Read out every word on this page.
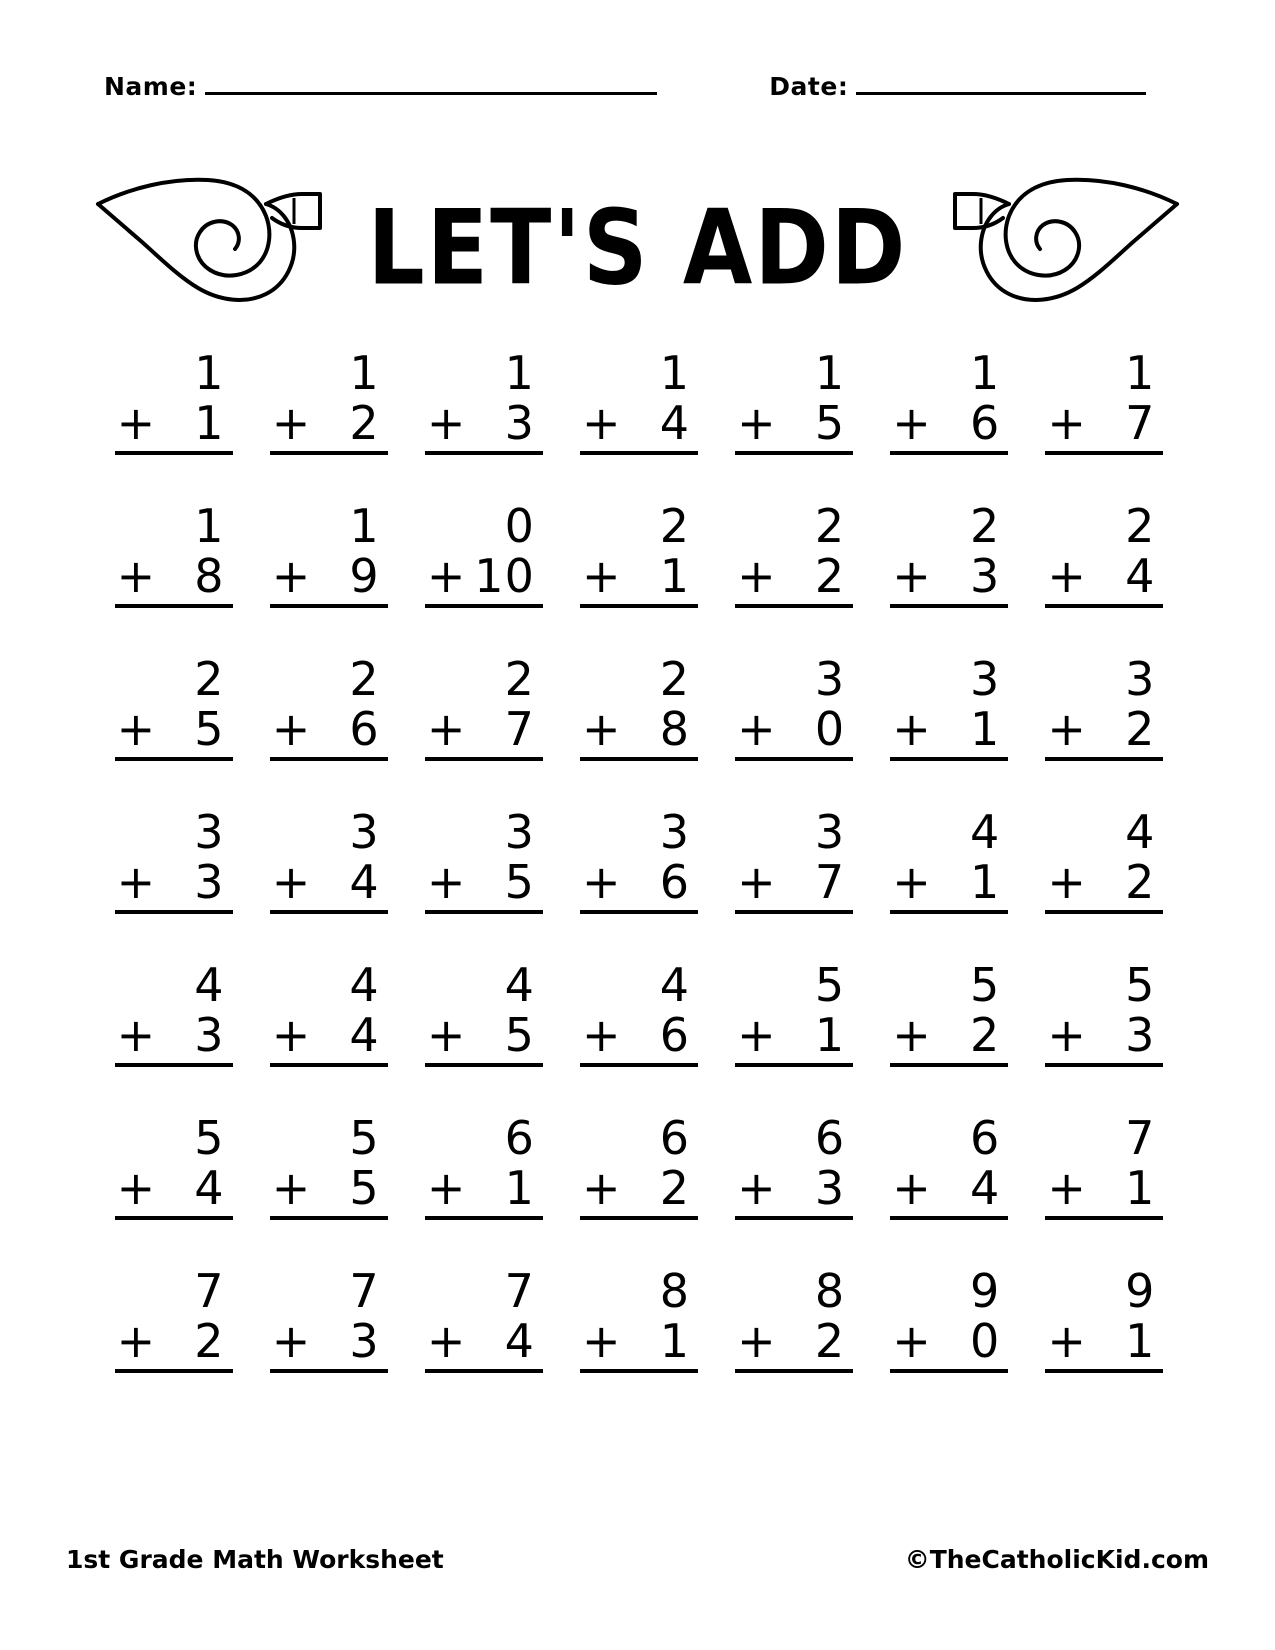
Name:	Date:
LET'S ADD
1
+ 1
1
+ 2
1
+ 3
1
+ 4
1
+ 5
1
+ 6
1
+ 7
1
+ 8
1
+ 9
0
+ 10
2
+ 1
2
+ 2
2
+ 3
2
+ 4
2
+ 5
2
+ 6
2
+ 7
2
+ 8
3
+ 0
3
+ 1
3
+ 2
3
+ 3
3
+ 4
3
+ 5
3
+ 6
3
+ 7
4
+ 1
4
+ 2
4
+ 3
4
+ 4
4
+ 5
4
+ 6
5
+ 1
5
+ 2
5
+ 3
5
+ 4
5
+ 5
6
+ 1
6
+ 2
6
+ 3
6
+ 4
7
+ 1
7
+ 2
7
+ 3
7
+ 4
8
+ 1
8
+ 2
9
+ 0
9
+ 1
1st Grade Math Worksheet	©TheCatholicKid.com
